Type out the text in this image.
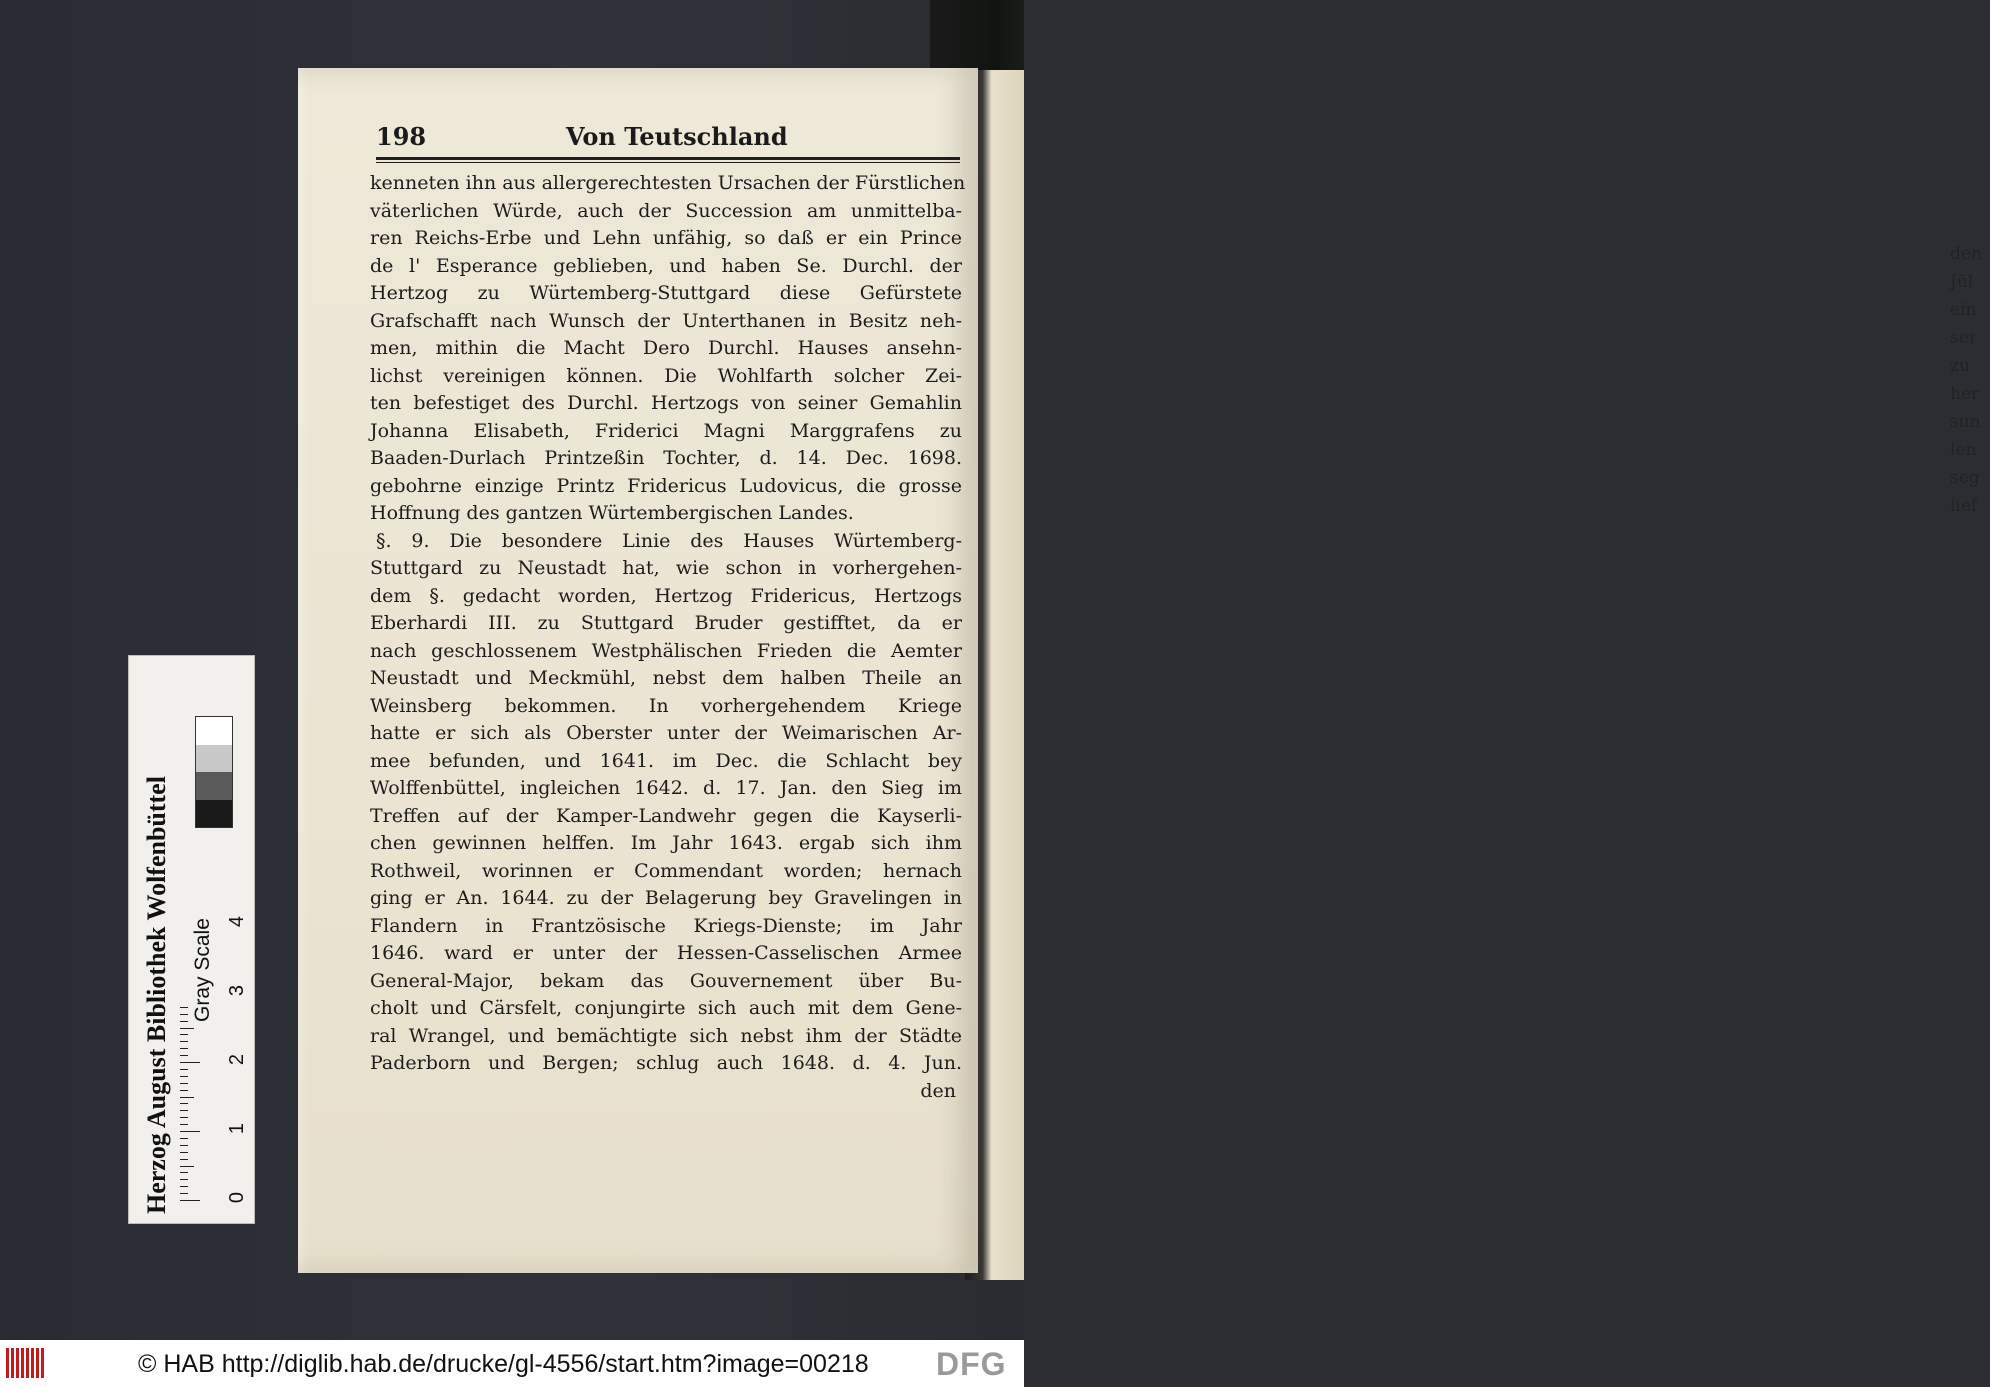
den
Jül
ein
ser
zu
her
sun
len
seg
lief
198	Von Teutschland
kenneten ihn aus allergerechtesten Ursachen der Fürstlichen
väterlichen Würde, auch der Succession am unmittelba-
ren Reichs-Erbe und Lehn unfähig, so daß er ein Prince
de l' Esperance geblieben, und haben Se. Durchl. der
Hertzog zu Würtemberg-Stuttgard diese Gefürstete
Grafschafft nach Wunsch der Unterthanen in Besitz neh-
men, mithin die Macht Dero Durchl. Hauses ansehn-
lichst vereinigen können. Die Wohlfarth solcher Zei-
ten befestiget des Durchl. Hertzogs von seiner Gemahlin
Johanna Elisabeth, Friderici Magni Marggrafens zu
Baaden-Durlach Printzeßin Tochter, d. 14. Dec. 1698.
gebohrne einzige Printz Fridericus Ludovicus, die grosse
Hoffnung des gantzen Würtembergischen Landes.
§. 9. Die besondere Linie des Hauses Würtemberg-
Stuttgard zu Neustadt hat, wie schon in vorhergehen-
dem §. gedacht worden, Hertzog Fridericus, Hertzogs
Eberhardi III. zu Stuttgard Bruder gestifftet, da er
nach geschlossenem Westphälischen Frieden die Aemter
Neustadt und Meckmühl, nebst dem halben Theile an
Weinsberg bekommen. In vorhergehendem Kriege
hatte er sich als Oberster unter der Weimarischen Ar-
mee befunden, und 1641. im Dec. die Schlacht bey
Wolffenbüttel, ingleichen 1642. d. 17. Jan. den Sieg im
Treffen auf der Kamper-Landwehr gegen die Kayserli-
chen gewinnen helffen. Im Jahr 1643. ergab sich ihm
Rothweil, worinnen er Commendant worden; hernach
ging er An. 1644. zu der Belagerung bey Gravelingen in
Flandern in Frantzösische Kriegs-Dienste; im Jahr
1646. ward er unter der Hessen-Casselischen Armee
General-Major, bekam das Gouvernement über Bu-
cholt und Cärsfelt, conjungirte sich auch mit dem Gene-
ral Wrangel, und bemächtigte sich nebst ihm der Städte
Paderborn und Bergen; schlug auch 1648. d. 4. Jun.
den
Herzog August Bibliothek Wolfenbüttel Gray Scale
0
1
2
3
4
© HAB http://diglib.hab.de/drucke/gl-4556/start.htm?image=00218 DFG
